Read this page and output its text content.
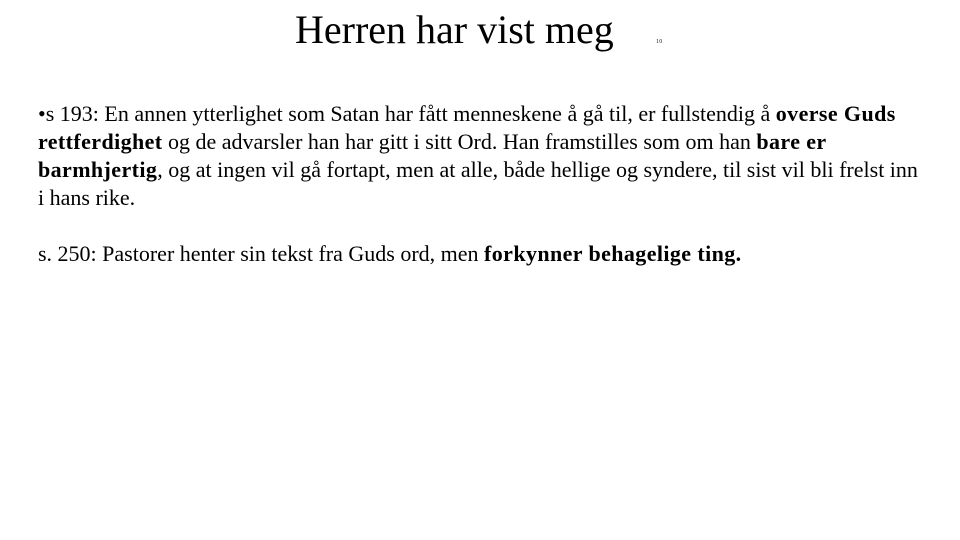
Herren har vist meg	₁₀

•s 193: En annen ytterlighet som Satan har fått menneskene å gå til, er fullstendig å overse Guds rettferdighet og de advarsler han har gitt i sitt Ord. Han framstilles som om han bare er barmhjertig, og at ingen vil gå fortapt, men at alle, både hellige og syndere, til sist vil bli frelst inn i hans rike.

s. 250: Pastorer henter sin tekst fra Guds ord, men forkynner behagelige ting.
